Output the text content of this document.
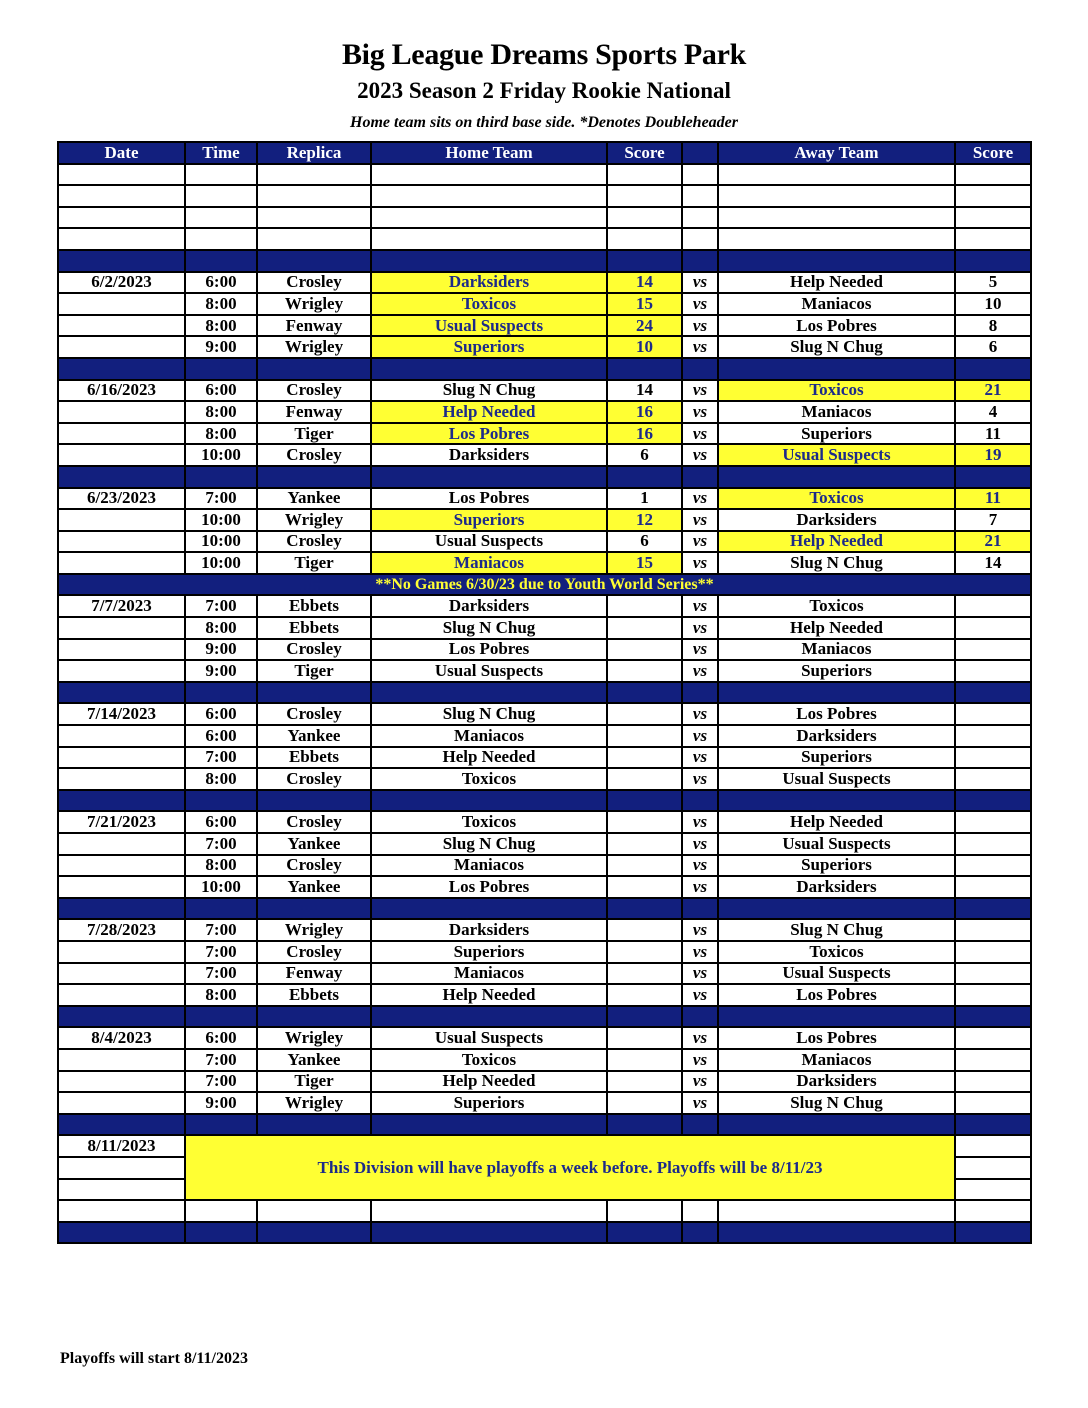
Big League Dreams Sports Park
2023 Season 2 Friday Rookie National
Home team sits on third base side. *Denotes Doubleheader
Date	Time	Replica	Home Team	Score		Away Team	Score

6/2/2023	6:00	Crosley	Darksiders	14	vs	Help Needed	5
	8:00	Wrigley	Toxicos	15	vs	Maniacos	10
	8:00	Fenway	Usual Suspects	24	vs	Los Pobres	8
	9:00	Wrigley	Superiors	10	vs	Slug N Chug	6

6/16/2023	6:00	Crosley	Slug N Chug	14	vs	Toxicos	21
	8:00	Fenway	Help Needed	16	vs	Maniacos	4
	8:00	Tiger	Los Pobres	16	vs	Superiors	11
	10:00	Crosley	Darksiders	6	vs	Usual Suspects	19

6/23/2023	7:00	Yankee	Los Pobres	1	vs	Toxicos	11
	10:00	Wrigley	Superiors	12	vs	Darksiders	7
	10:00	Crosley	Usual Suspects	6	vs	Help Needed	21
	10:00	Tiger	Maniacos	15	vs	Slug N Chug	14
**No Games 6/30/23 due to Youth World Series**							
7/7/2023	7:00	Ebbets	Darksiders		vs	Toxicos	
	8:00	Ebbets	Slug N Chug		vs	Help Needed	
	9:00	Crosley	Los Pobres		vs	Maniacos	
	9:00	Tiger	Usual Suspects		vs	Superiors	

7/14/2023	6:00	Crosley	Slug N Chug		vs	Los Pobres	
	6:00	Yankee	Maniacos		vs	Darksiders	
	7:00	Ebbets	Help Needed		vs	Superiors	
	8:00	Crosley	Toxicos		vs	Usual Suspects	

7/21/2023	6:00	Crosley	Toxicos		vs	Help Needed	
	7:00	Yankee	Slug N Chug		vs	Usual Suspects	
	8:00	Crosley	Maniacos		vs	Superiors	
	10:00	Yankee	Los Pobres		vs	Darksiders	

7/28/2023	7:00	Wrigley	Darksiders		vs	Slug N Chug	
	7:00	Crosley	Superiors		vs	Toxicos	
	7:00	Fenway	Maniacos		vs	Usual Suspects	
	8:00	Ebbets	Help Needed		vs	Los Pobres	

8/4/2023	6:00	Wrigley	Usual Suspects		vs	Los Pobres	
	7:00	Yankee	Toxicos		vs	Maniacos	
	7:00	Tiger	Help Needed		vs	Darksiders	
	9:00	Wrigley	Superiors		vs	Slug N Chug	

8/11/2023	This Division will have playoffs a week before. Playoffs will be 8/11/23						

Playoffs will start 8/11/2023
